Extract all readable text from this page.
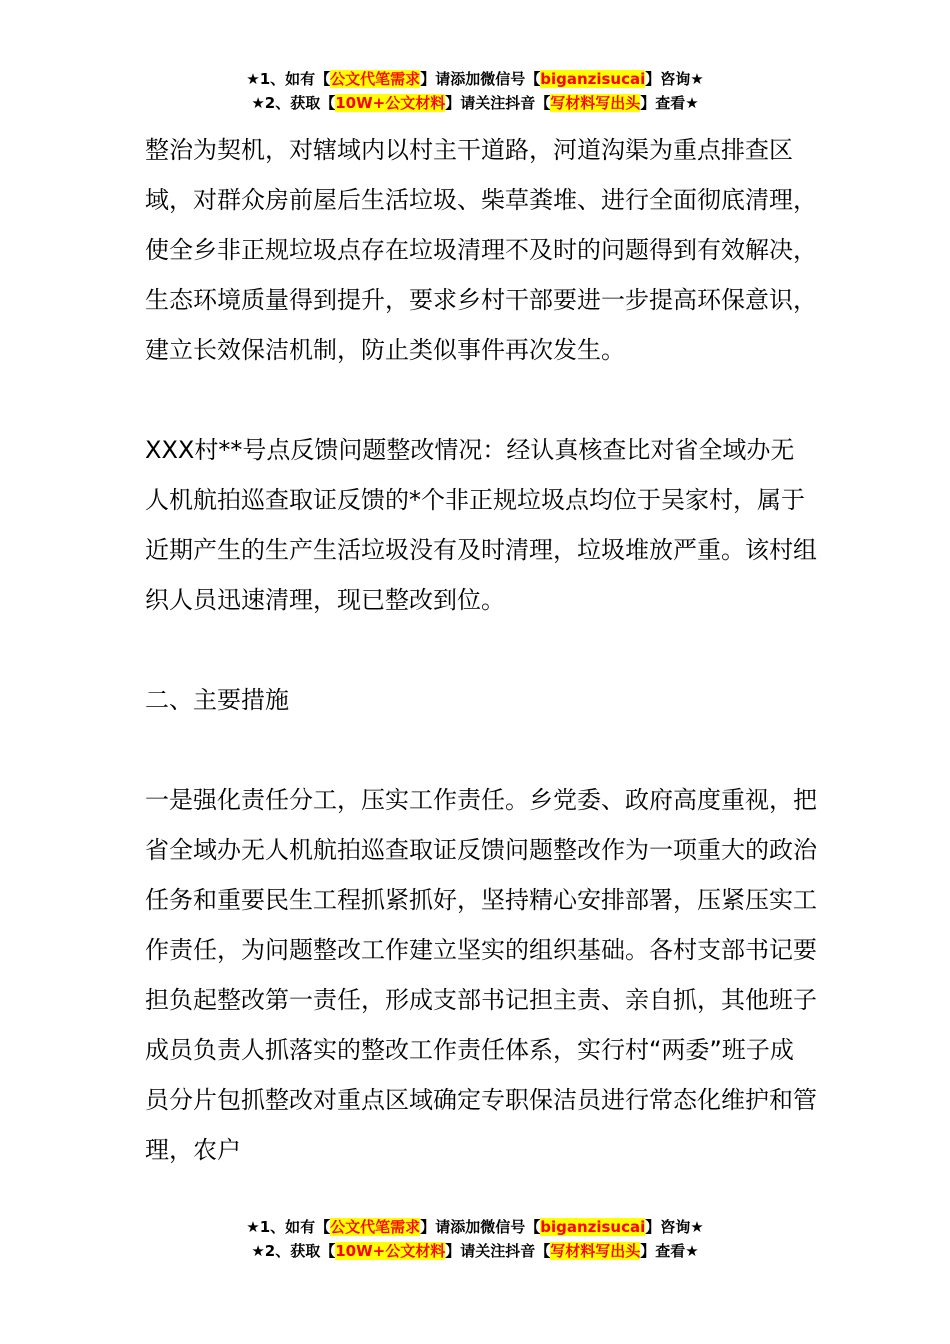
★1、如有【公文代笔需求】请添加微信号【biganzisucai】咨询★
★2、获取【10W+公文材料】请关注抖音【写材料写出头】查看★

整治为契机，对辖域内以村主干道路，河道沟渠为重点排查区域，对群众房前屋后生活垃圾、柴草粪堆、进行全面彻底清理，使全乡非正规垃圾点存在垃圾清理不及时的问题得到有效解决，生态环境质量得到提升，要求乡村干部要进一步提高环保意识，建立长效保洁机制，防止类似事件再次发生。

XXX村**号点反馈问题整改情况：经认真核查比对省全域办无人机航拍巡查取证反馈的*个非正规垃圾点均位于吴家村，属于近期产生的生产生活垃圾没有及时清理，垃圾堆放严重。该村组织人员迅速清理，现已整改到位。

二、主要措施

一是强化责任分工，压实工作责任。乡党委、政府高度重视，把省全域办无人机航拍巡查取证反馈问题整改作为一项重大的政治任务和重要民生工程抓紧抓好，坚持精心安排部署，压紧压实工作责任，为问题整改工作建立坚实的组织基础。各村支部书记要担负起整改第一责任，形成支部书记担主责、亲自抓，其他班子成员负责人抓落实的整改工作责任体系，实行村“两委”班子成员分片包抓整改对重点区域确定专职保洁员进行常态化维护和管理，农户

★1、如有【公文代笔需求】请添加微信号【biganzisucai】咨询★
★2、获取【10W+公文材料】请关注抖音【写材料写出头】查看★
